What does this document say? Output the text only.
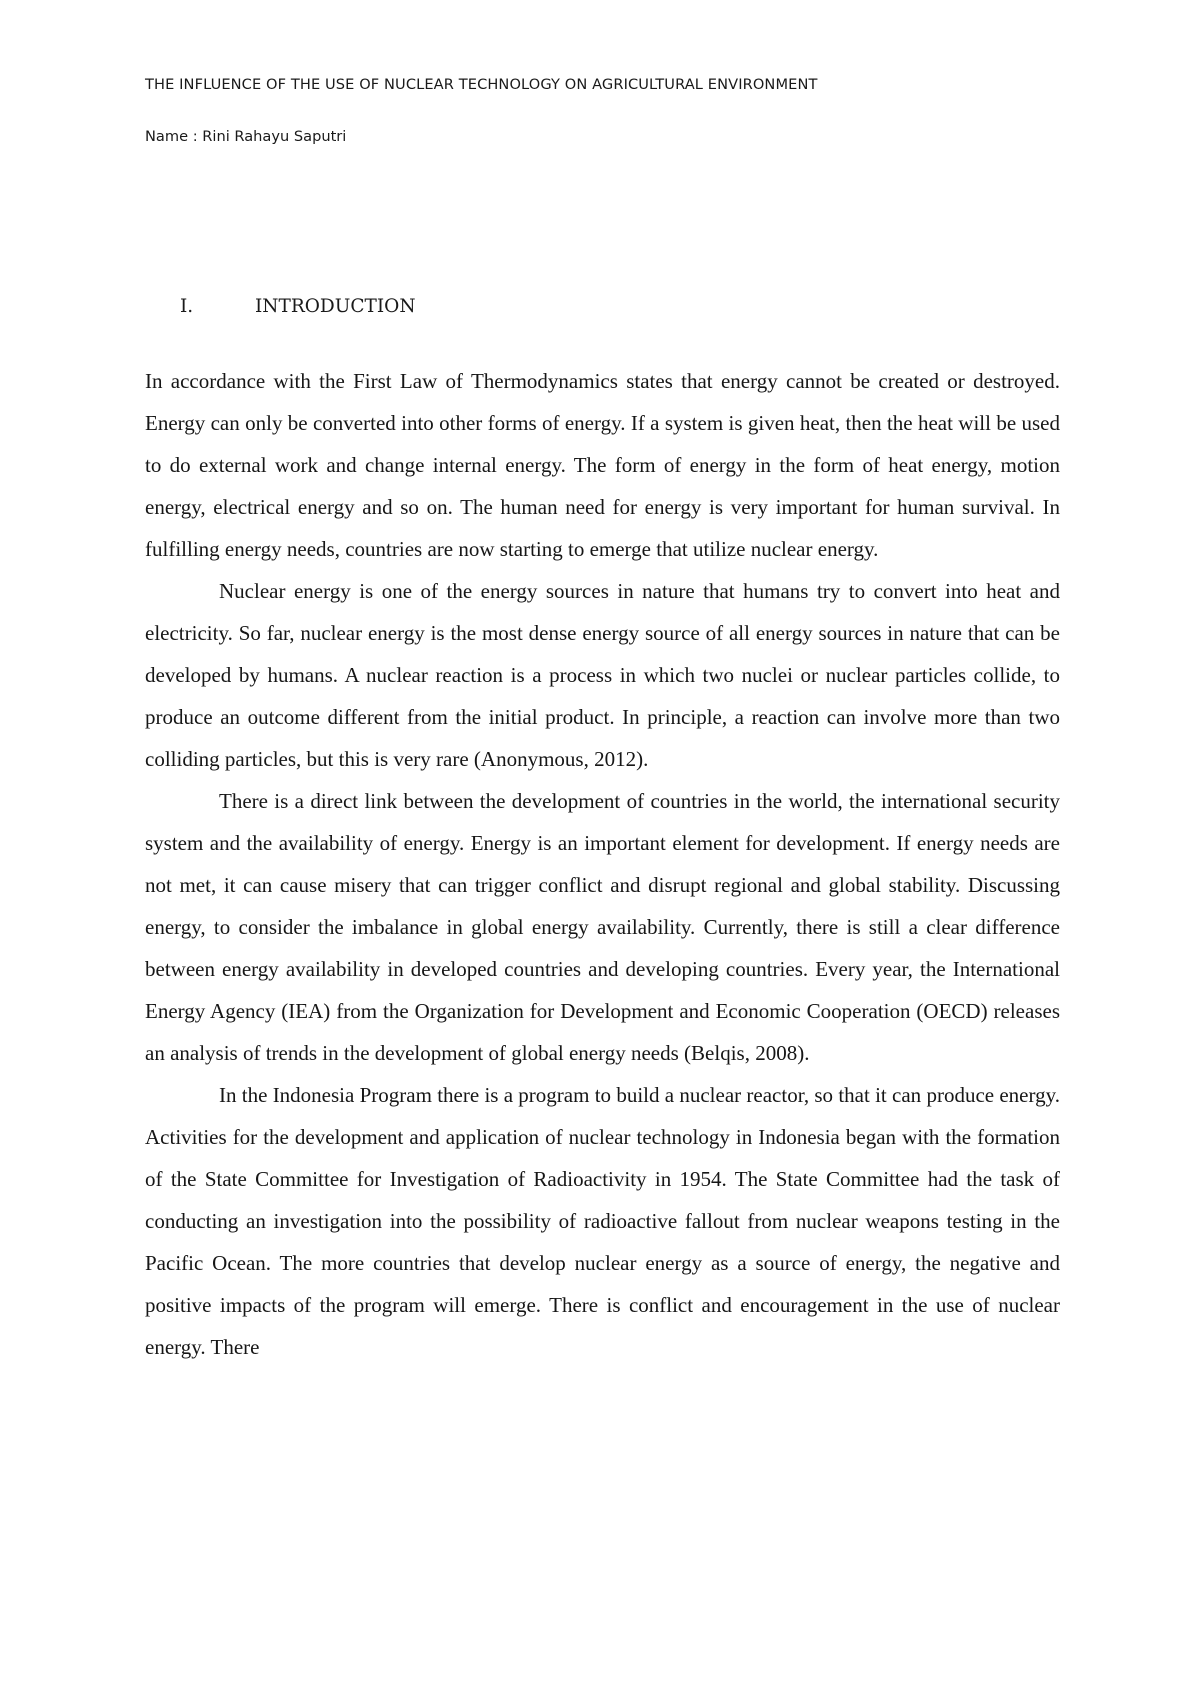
THE INFLUENCE OF THE USE OF NUCLEAR TECHNOLOGY ON AGRICULTURAL ENVIRONMENT
Name : Rini Rahayu Saputri
I.	INTRODUCTION

In accordance with the First Law of Thermodynamics states that energy cannot be created or destroyed. Energy can only be converted into other forms of energy. If a system is given heat, then the heat will be used to do external work and change internal energy. The form of energy in the form of heat energy, motion energy, electrical energy and so on. The human need for energy is very important for human survival. In fulfilling energy needs, countries are now starting to emerge that utilize nuclear energy.

Nuclear energy is one of the energy sources in nature that humans try to convert into heat and electricity. So far, nuclear energy is the most dense energy source of all energy sources in nature that can be developed by humans. A nuclear reaction is a process in which two nuclei or nuclear particles collide, to produce an outcome different from the initial product. In principle, a reaction can involve more than two colliding particles, but this is very rare (Anonymous, 2012).

There is a direct link between the development of countries in the world, the international security system and the availability of energy. Energy is an important element for development. If energy needs are not met, it can cause misery that can trigger conflict and disrupt regional and global stability. Discussing energy, to consider the imbalance in global energy availability. Currently, there is still a clear difference between energy availability in developed countries and developing countries. Every year, the International Energy Agency (IEA) from the Organization for Development and Economic Cooperation (OECD) releases an analysis of trends in the development of global energy needs (Belqis, 2008).

In the Indonesia Program there is a program to build a nuclear reactor, so that it can produce energy. Activities for the development and application of nuclear technology in Indonesia began with the formation of the State Committee for Investigation of Radioactivity in 1954. The State Committee had the task of conducting an investigation into the possibility of radioactive fallout from nuclear weapons testing in the Pacific Ocean. The more countries that develop nuclear energy as a source of energy, the negative and positive impacts of the program will emerge. There is conflict and encouragement in the use of nuclear energy. There
